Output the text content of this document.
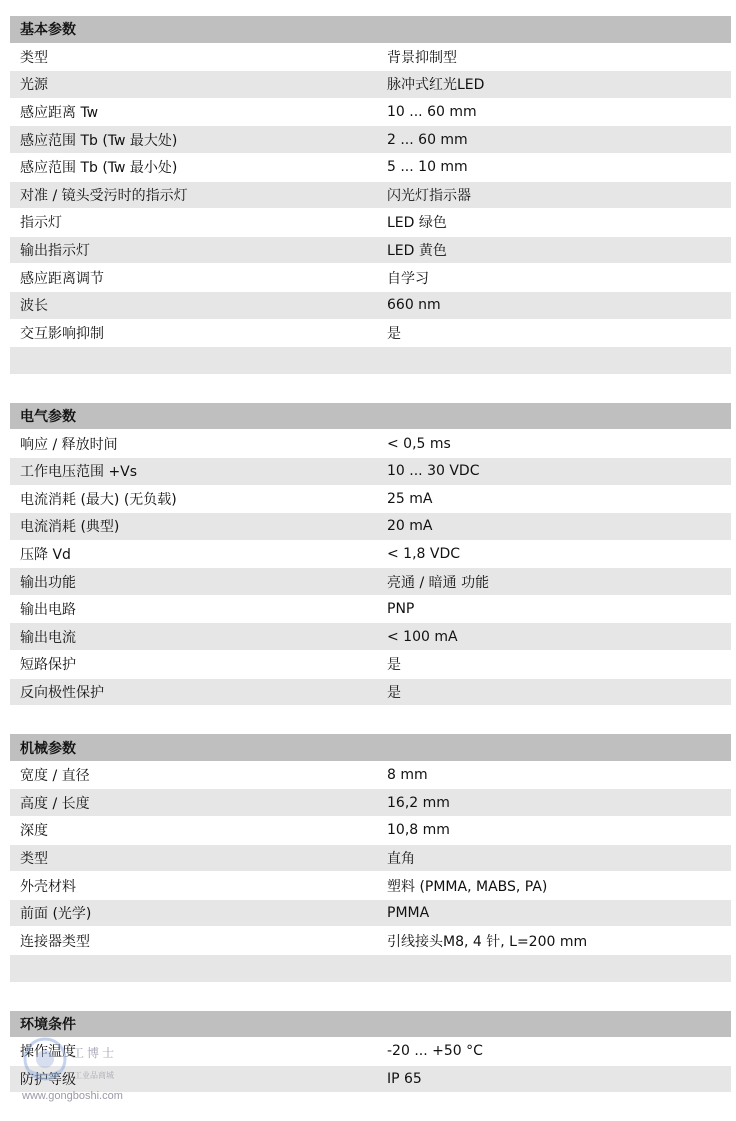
基本参数
类型	背景抑制型
光源	脉冲式红光LED
感应距离 Tw	10 ... 60 mm
感应范围 Tb (Tw 最大处)	2 ... 60 mm
感应范围 Tb (Tw 最小处)	5 ... 10 mm
对准 / 镜头受污时的指示灯	闪光灯指示器
指示灯	LED 绿色
输出指示灯	LED 黄色
感应距离调节	自学习
波长	660 nm
交互影响抑制	是
电气参数
响应 / 释放时间	< 0,5 ms
工作电压范围 +Vs	10 ... 30 VDC
电流消耗 (最大) (无负载)	25 mA
电流消耗 (典型)	20 mA
压降 Vd	< 1,8 VDC
输出功能	亮通 / 暗通 功能
输出电路	PNP
输出电流	< 100 mA
短路保护	是
反向极性保护	是
机械参数
宽度 / 直径	8 mm
高度 / 长度	16,2 mm
深度	10,8 mm
类型	直角
外壳材料	塑料 (PMMA, MABS, PA)
前面 (光学)	PMMA
连接器类型	引线接头M8, 4 针, L=200 mm
环境条件
操作温度	-20 ... +50 °C
防护等级	IP 65
工博士
工业品商城
www.gongboshi.com
